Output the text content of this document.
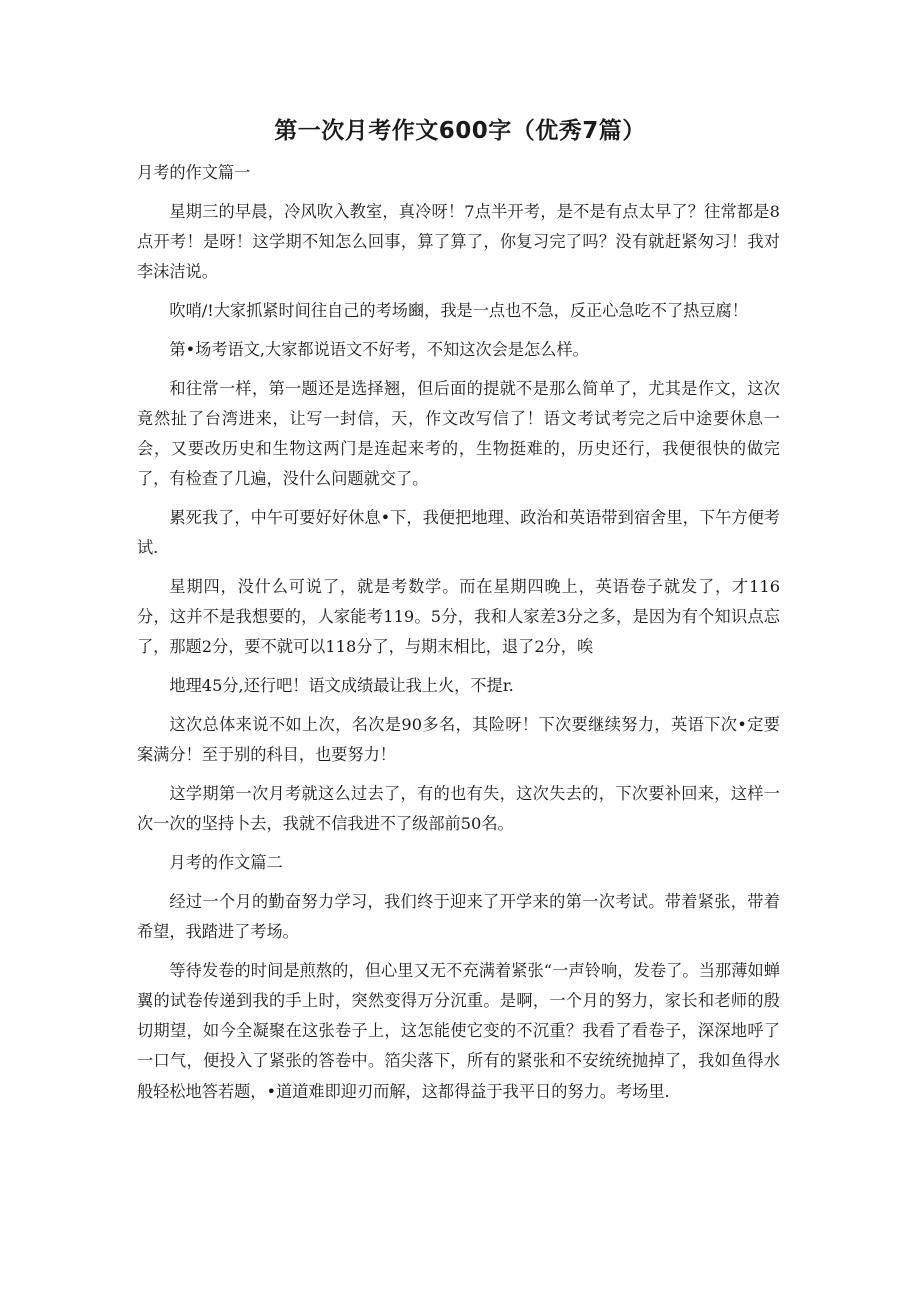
第一次月考作文600字（优秀7篇）

月考的作文篇一

星期三的早晨，冷风吹入教室，真冷呀！7点半开考，是不是有点太早了？往常都是8点开考！是呀！这学期不知怎么回事，算了算了，你复习完了吗？没有就赶紧匆习！我对李沫洁说。

吹哨/!大家抓紧时间往自己的考场豳，我是一点也不急，反正心急吃不了热豆腐！

第•场考语文,大家都说语文不好考，不知这次会是怎么样。

和往常一样，第一题还是选择翘，但后面的提就不是那么简单了，尤其是作文，这次竟然扯了台湾进来，让写一封信，天，作文改写信了！语文考试考完之后中途要休息一会，又要改历史和生物这两门是连起来考的，生物挺难的，历史还行，我便很快的做完了，有检查了几遍，没什么问题就交了。

累死我了，中午可要好好休息•下，我便把地理、政治和英语带到宿舍里，下午方便考试.

星期四，没什么可说了，就是考数学。而在星期四晚上，英语卷子就发了，才116分，这并不是我想要的，人家能考119。5分，我和人家差3分之多，是因为有个知识点忘了，那题2分，要不就可以118分了，与期末相比，退了2分，唉

地理45分,还行吧！语文成绩最让我上火，不提r.

这次总体来说不如上次，名次是90多名，其险呀！下次要继续努力，英语下次•定要案满分！至于别的科目，也要努力！

这学期第一次月考就这么过去了，有的也有失，这次失去的，下次要补回来，这样一次一次的坚持卜去，我就不信我进不了级部前50名。

月考的作文篇二

经过一个月的勤奋努力学习，我们终于迎来了开学来的第一次考试。带着紧张，带着希望，我踏进了考场。

等待发卷的时间是煎熬的，但心里又无不充满着紧张“一声铃响，发卷了。当那薄如蝉翼的试卷传递到我的手上时，突然变得万分沉重。是啊，一个月的努力，家长和老师的殷切期望，如今全凝聚在这张卷子上，这怎能使它变的不沉重？我看了看卷子，深深地呼了一口气，便投入了紧张的答卷中。箔尖落下，所有的紧张和不安统统抛掉了，我如鱼得水般轻松地答若题，•道道难即迎刃而解，这都得益于我平日的努力。考场里.
